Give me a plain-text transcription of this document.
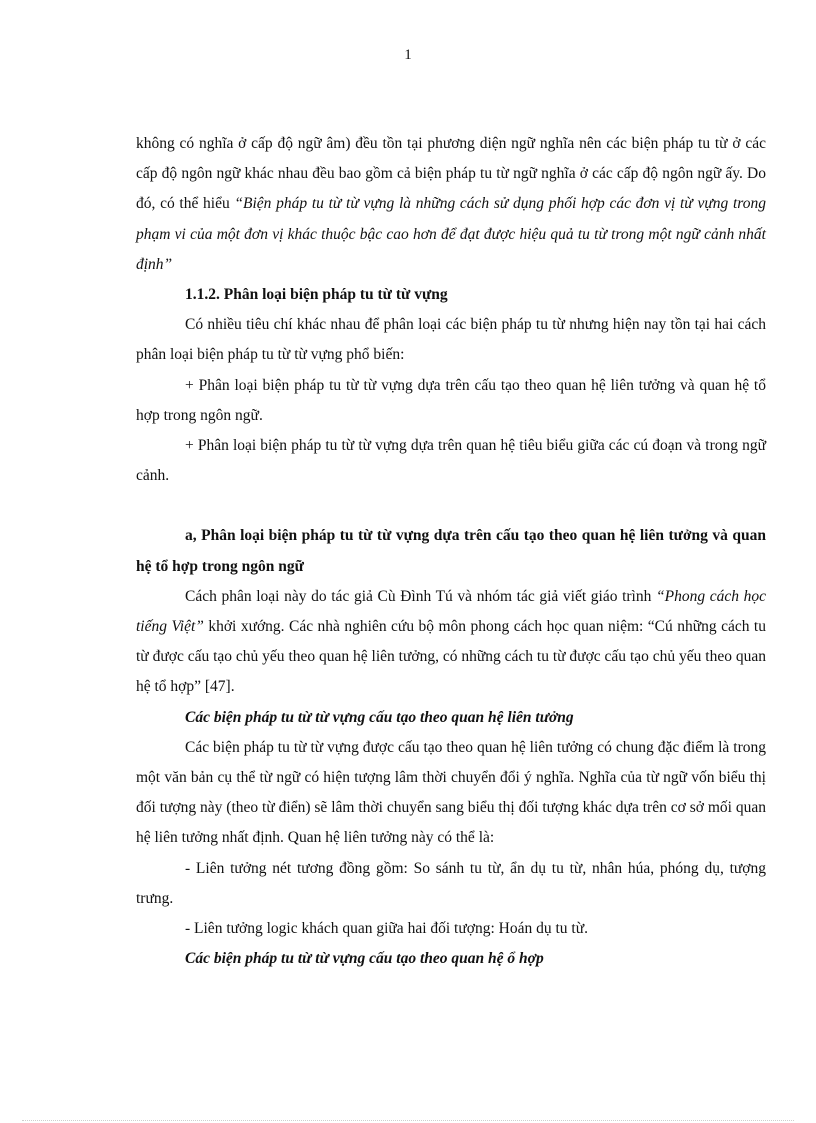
1

không có nghĩa ở cấp độ ngữ âm) đều tồn tại phương diện ngữ nghĩa nên các biện pháp tu từ ở các cấp độ ngôn ngữ khác nhau đều bao gồm cả biện pháp tu từ ngữ nghĩa ở các cấp độ ngôn ngữ ấy. Do đó, có thể hiểu “Biện pháp tu từ từ vựng là những cách sử dụng phối hợp các đơn vị từ vựng trong phạm vi của một đơn vị khác thuộc bậc cao hơn để đạt được hiệu quả tu từ trong một ngữ cảnh nhất định”

1.1.2. Phân loại biện pháp tu từ từ vựng

Có nhiều tiêu chí khác nhau để phân loại các biện pháp tu từ nhưng hiện nay tồn tại hai cách phân loại biện pháp tu từ từ vựng phổ biến:

+ Phân loại biện pháp tu từ từ vựng dựa trên cấu tạo theo quan hệ liên tưởng và quan hệ tổ hợp trong ngôn ngữ.

+ Phân loại biện pháp tu từ từ vựng dựa trên quan hệ tiêu biểu giữa các cú đoạn và trong ngữ cảnh.

a, Phân loại biện pháp tu từ từ vựng dựa trên cấu tạo theo quan hệ liên tưởng và quan hệ tổ hợp trong ngôn ngữ

Cách phân loại này do tác giả Cù Đình Tú và nhóm tác giả viết giáo trình “Phong cách học tiếng Việt” khởi xướng. Các nhà nghiên cứu bộ môn phong cách học quan niệm: “Cú những cách tu từ được cấu tạo chủ yếu theo quan hệ liên tưởng, có những cách tu từ được cấu tạo chủ yếu theo quan hệ tổ hợp” [47].

Các biện pháp tu từ từ vựng cấu tạo theo quan hệ liên tưởng

Các biện pháp tu từ từ vựng được cấu tạo theo quan hệ liên tưởng có chung đặc điểm là trong một văn bản cụ thể từ ngữ có hiện tượng lâm thời chuyển đổi ý nghĩa. Nghĩa của từ ngữ vốn biểu thị đối tượng này (theo từ điển) sẽ lâm thời chuyển sang biểu thị đối tượng khác dựa trên cơ sở mối quan hệ liên tưởng nhất định. Quan hệ liên tưởng này có thể là:

- Liên tưởng nét tương đồng gồm: So sánh tu từ, ẩn dụ tu từ, nhân húa, phóng dụ, tượng trưng.

- Liên tưởng logic khách quan giữa hai đối tượng: Hoán dụ tu từ.

Các biện pháp tu từ từ vựng cấu tạo theo quan hệ ổ hợp
